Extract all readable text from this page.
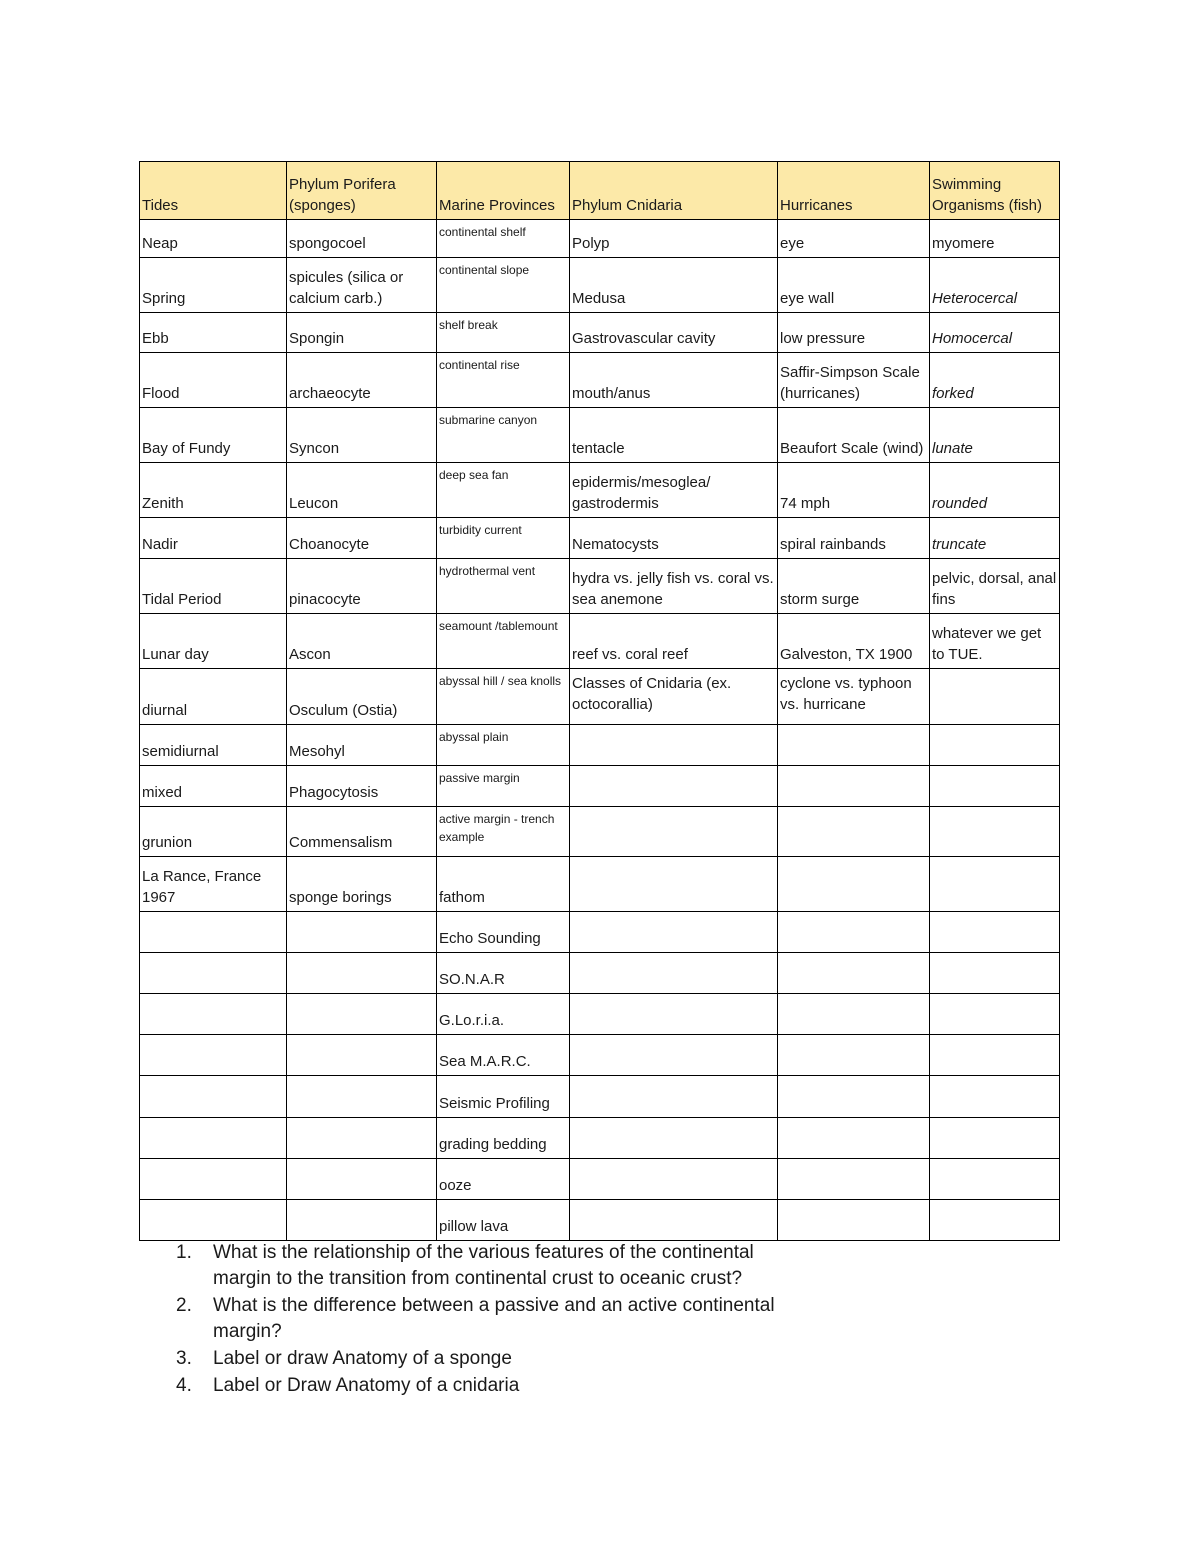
Tides	Phylum Porifera (sponges)	Marine Provinces	Phylum Cnidaria	Hurricanes	Swimming Organisms (fish)
Neap	spongocoel	continental shelf	Polyp	eye	myomere
Spring	spicules (silica or calcium carb.)	continental slope	Medusa	eye wall	Heterocercal
Ebb	Spongin	shelf break	Gastrovascular cavity	low pressure	Homocercal
Flood	archaeocyte	continental rise	mouth/anus	Saffir-Simpson Scale (hurricanes)	forked
Bay of Fundy	Syncon	submarine canyon	tentacle	Beaufort Scale (wind)	lunate
Zenith	Leucon	deep sea fan	epidermis/mesoglea/ gastrodermis	74 mph	rounded
Nadir	Choanocyte	turbidity current	Nematocysts	spiral rainbands	truncate
Tidal Period	pinacocyte	hydrothermal vent	hydra vs. jelly fish vs. coral vs. sea anemone	storm surge	pelvic, dorsal, anal fins
Lunar day	Ascon	seamount /tablemount	reef vs. coral reef	Galveston, TX 1900	whatever we get to TUE.
diurnal	Osculum (Ostia)	abyssal hill / sea knolls	Classes of Cnidaria (ex. octocorallia)	cyclone vs. typhoon vs. hurricane	
semidiurnal	Mesohyl	abyssal plain			
mixed	Phagocytosis	passive margin			
grunion	Commensalism	active margin - trench example			
La Rance, France 1967	sponge borings	fathom			
		Echo Sounding			
		SO.N.A.R			
		G.Lo.r.i.a.			
		Sea M.A.R.C.			
		Seismic Profiling			
		grading bedding			
		ooze			
		pillow lava			
1. What is the relationship of the various features of the continental margin to the transition from continental crust to oceanic crust?
2. What is the difference between a passive and an active continental margin?
3. Label or draw Anatomy of a sponge
4. Label or Draw Anatomy of a cnidaria
